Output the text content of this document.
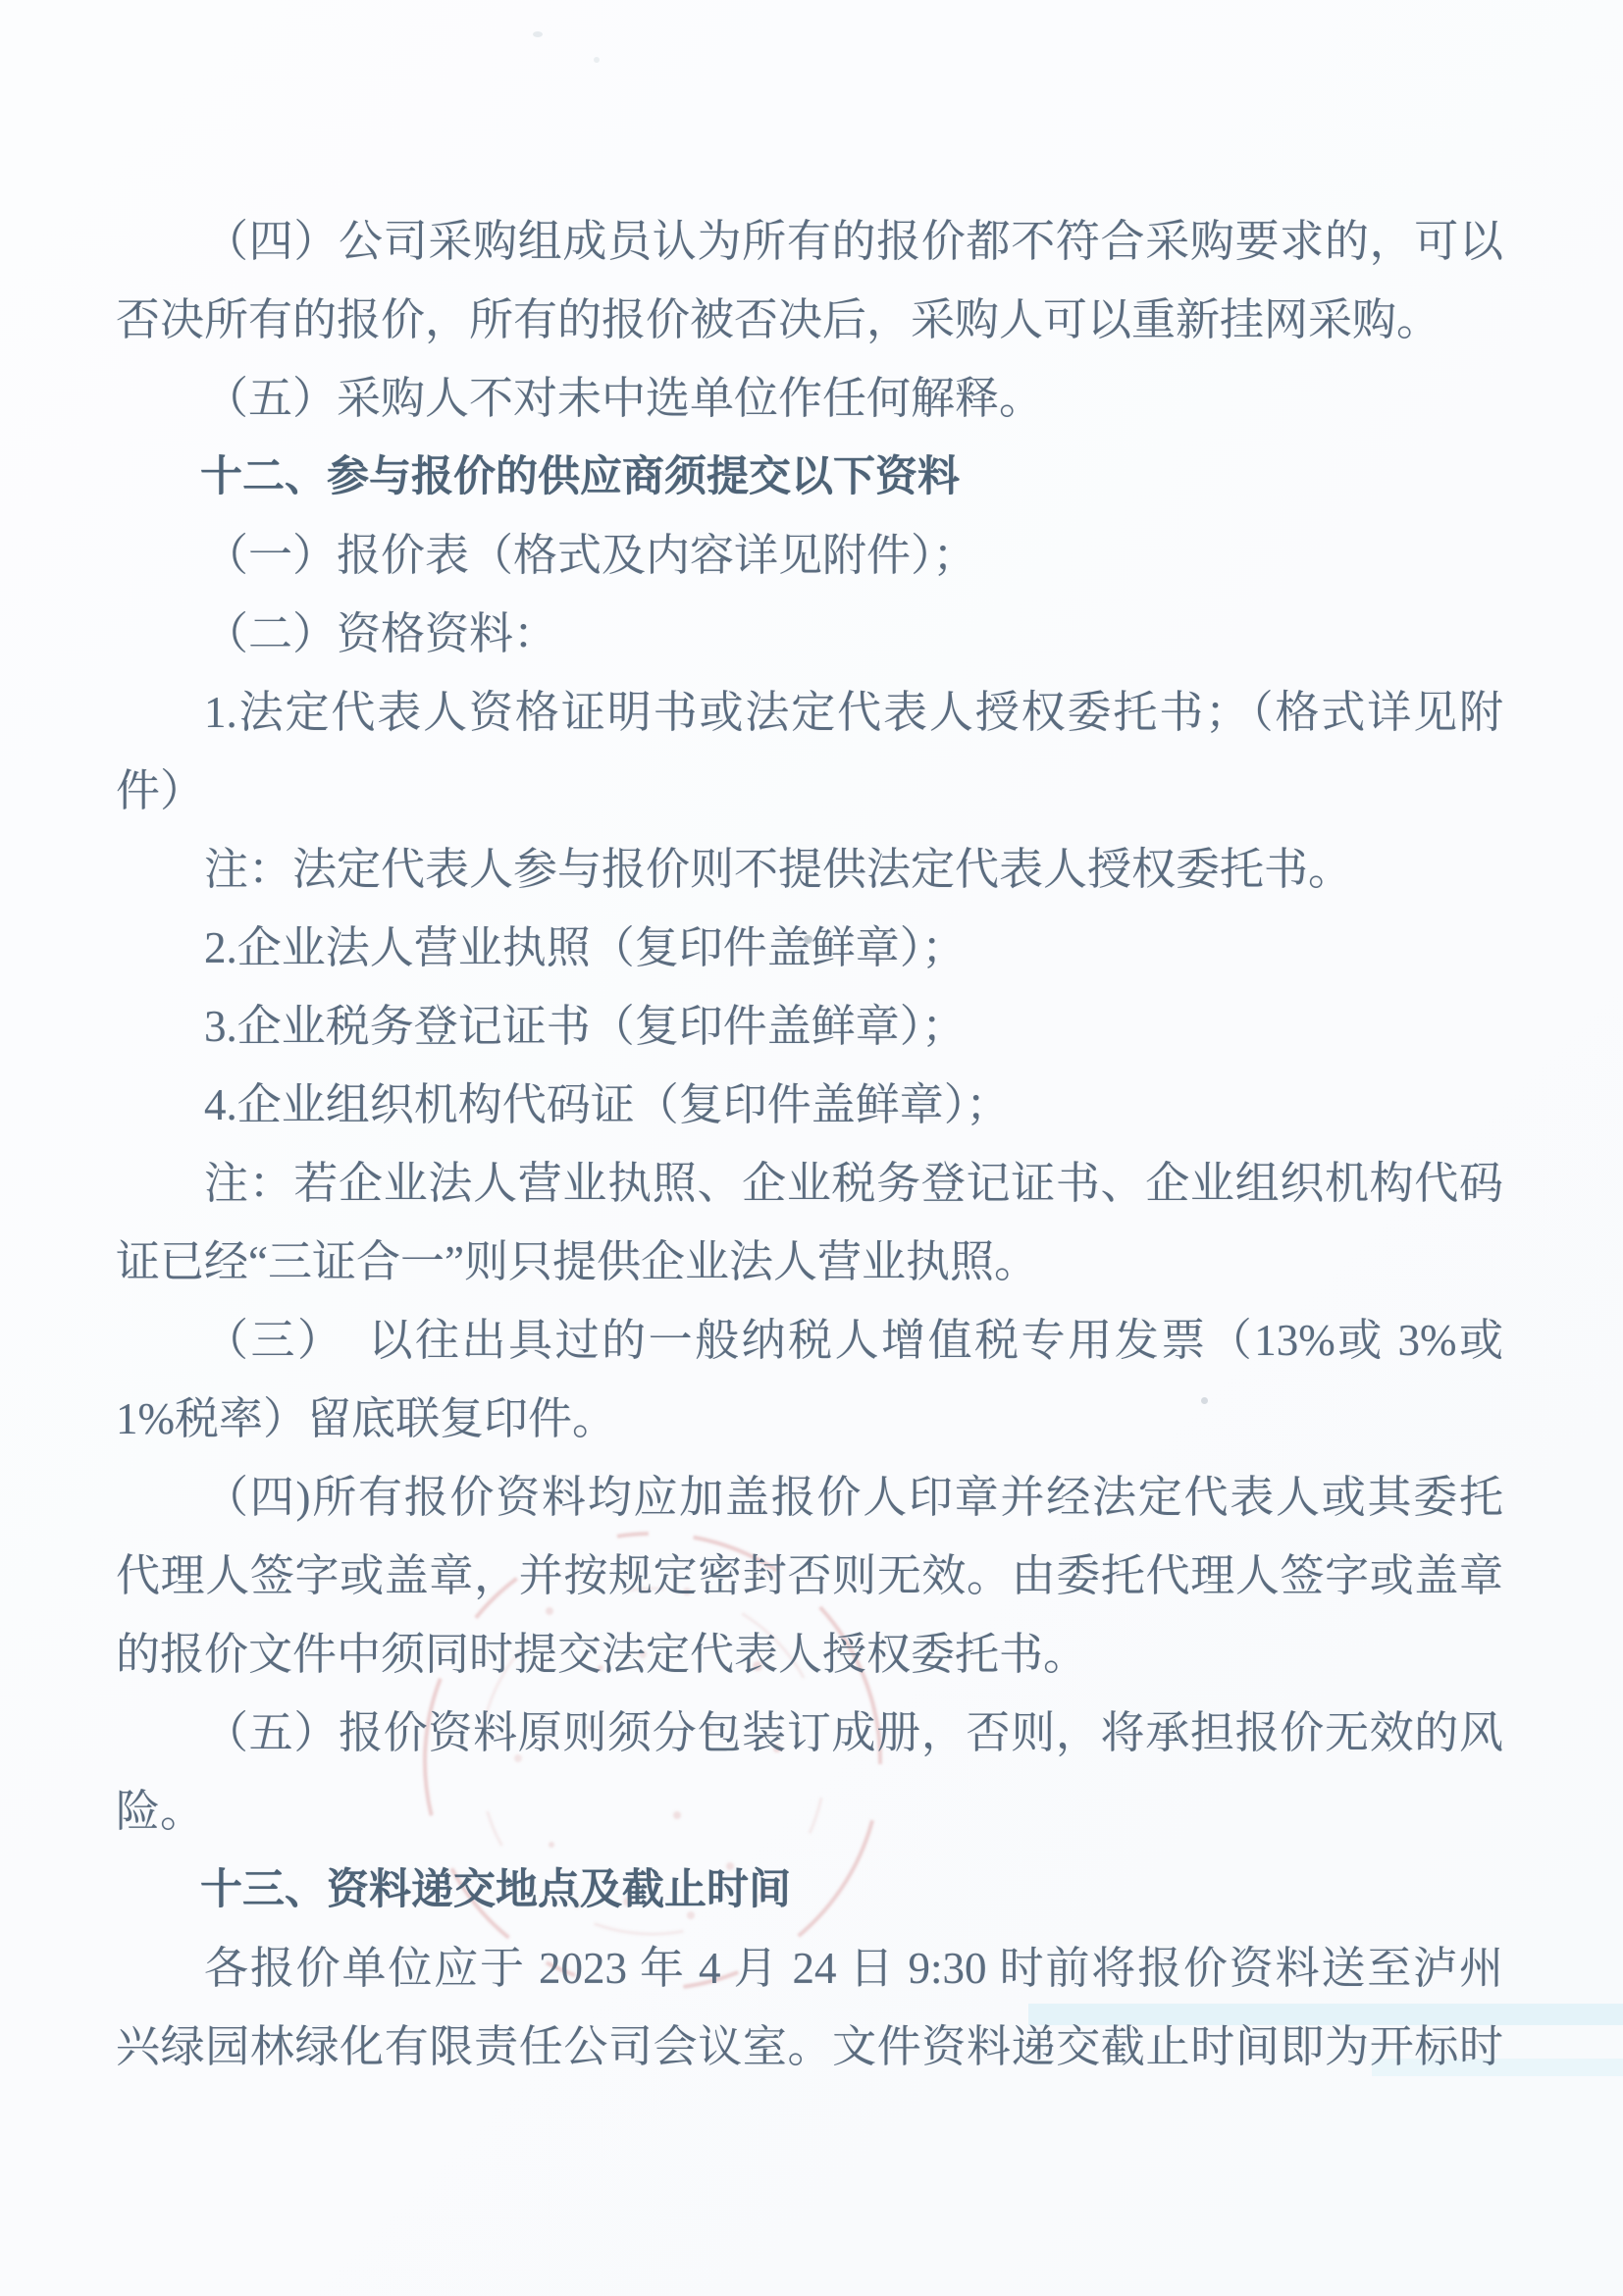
（四）公司采购组成员认为所有的报价都不符合采购要求的，可以
否决所有的报价，所有的报价被否决后，采购人可以重新挂网采购。
（五）采购人不对未中选单位作任何解释。
十二、参与报价的供应商须提交以下资料
（一）报价表（格式及内容详见附件）；
（二）资格资料：
1.法定代表人资格证明书或法定代表人授权委托书；（格式详见附
件）
注：法定代表人参与报价则不提供法定代表人授权委托书。
2.企业法人营业执照（复印件盖鲜章）；
3.企业税务登记证书（复印件盖鲜章）；
4.企业组织机构代码证（复印件盖鲜章）；
注：若企业法人营业执照、企业税务登记证书、企业组织机构代码
证已经“三证合一”则只提供企业法人营业执照。
（三）　以往出具过的一般纳税人增值税专用发票（13%或 3%或
1%税率）留底联复印件。
（四)所有报价资料均应加盖报价人印章并经法定代表人或其委托
代理人签字或盖章，并按规定密封否则无效。由委托代理人签字或盖章
的报价文件中须同时提交法定代表人授权委托书。
（五）报价资料原则须分包装订成册，否则，将承担报价无效的风
险。
十三、资料递交地点及截止时间
各报价单位应于 2023 年 4 月 24 日 9:30 时前将报价资料送至泸州
兴绿园林绿化有限责任公司会议室。文件资料递交截止时间即为开标时
